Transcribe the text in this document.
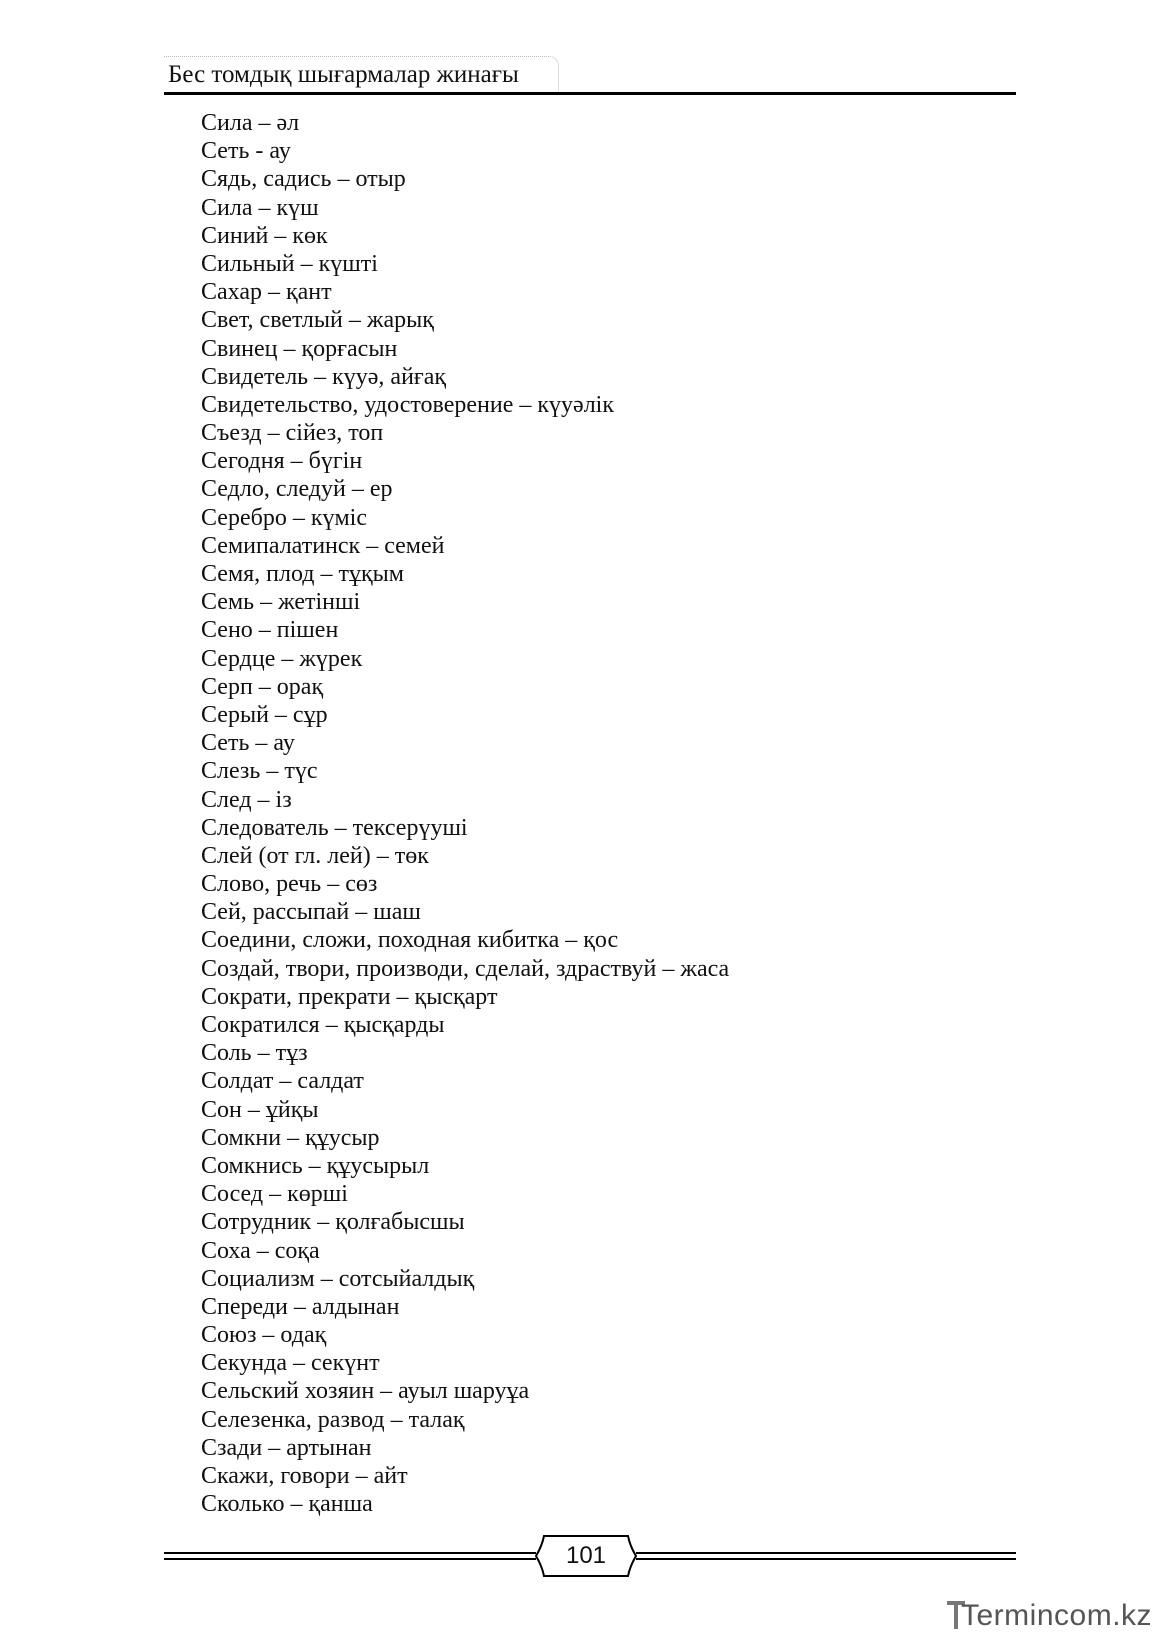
Бес томдық шығармалар жинағы
Сила – әл
Сеть - ау
Сядь, садись – отыр
Сила – күш
Синий – көк
Сильный – күшті
Сахар – қант
Свет, светлый – жарық
Свинец – қорғасын
Свидетель – күуә, айғақ
Свидетельство, удостоверение – күуәлік
Съезд – сійез, топ
Сегодня – бүгін
Седло, следуй – ер
Серебро – күміс
Семипалатинск – семей
Семя, плод – тұқым
Семь – жетінші
Сено – пішен
Сердце – жүрек
Серп – орақ
Серый – сұр
Сеть – ау
Слезь – түс
След – із
Следователь – тексерүуші
Слей (от гл. лей) – төк
Слово, речь – сөз
Сей, рассыпай – шаш
Соедини, сложи, походная кибитка – қос
Создай, твори, производи, сделай, здраствуй – жаса
Сократи, прекрати – қысқарт
Сократился – қысқарды
Соль – тұз
Солдат – салдат
Сон – ұйқы
Сомкни – құусыр
Сомкнись – құусырыл
Сосед – көрші
Сотрудник – қолғабысшы
Соха – соқа
Социализм – сотсыйалдық
Спереди – алдынан
Союз – одақ
Секунда – секүнт
Сельский хозяин – ауыл шаруұа
Селезенка, развод – талақ
Сзади – артынан
Скажи, говори – айт
Сколько – қанша
101
Termincom.kz
